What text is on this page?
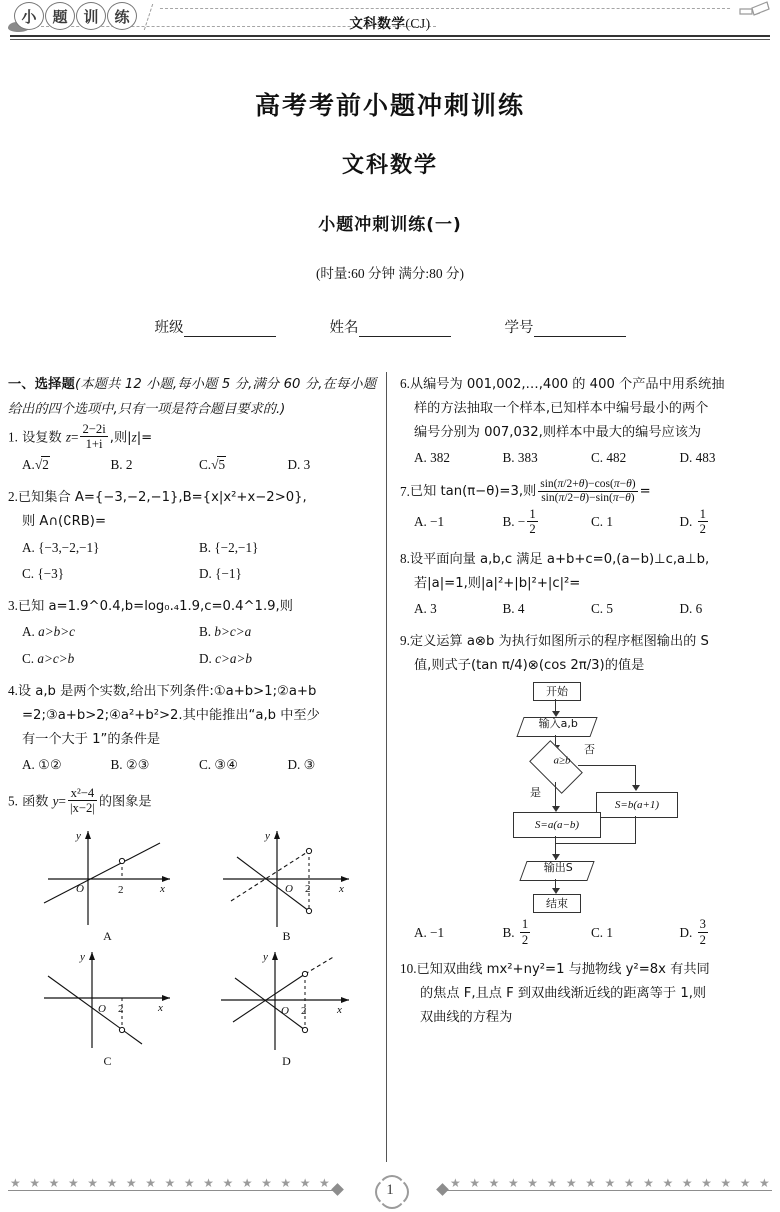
小	题	训	练	文科数学(CJ)
高考考前小题冲刺训练
文科数学
小题冲刺训练(一)
(时量:60 分钟 满分:80 分)
班级	姓名	学号
一、选择题(本题共 12 小题,每小题 5 分,满分 60 分,在每小题给出的四个选项中,只有一项是符合题目要求的.)
1. 设复数 $z= \frac{2-2i}{1+i}$ ,则|z|=
A.√2	B. 2	C.√5	D. 3
2.已知集合 A={−3,−2,−1},B={x|x²+x−2>0},
则 A∩(∁RB)=
A. {−3,−2,−1}	B. {−2,−1}
C. {−3}	D. {−1}
3.已知 a=1.9^0.4,b=log₀.₄1.9,c=0.4^1.9,则
A. a>b>c	B. b>c>a
C. a>c>b	D. c>a>b
4.设 a,b 是两个实数,给出下列条件:①a+b>1;②a+b
=2;③a+b>2;④a²+b²>2.其中能推出“a,b 中至少
有一个大于 1”的条件是
A. ①②	B. ②③	C. ③④	D. ③
5. 函数 $y= \frac{\text{x²−4}}{|x-2|}$ 的图象是
O	2	x
y
A
O 2	x
y
B
O 2	x
y
C
O 2	x
y
D
6.从编号为 001,002,…,400 的 400 个产品中用系统抽
样的方法抽取一个样本,已知样本中编号最小的两个
编号分别为 007,032,则样本中最大的编号应该为
A. 382	B. 383	C. 482	D. 483
7. 已知 tan(π−θ)=3,则 $\frac{\sin(\pi/2+\theta)-\cos(\pi-\theta)}{\sin(\pi/2-\theta)-\sin(\pi-\theta)}$ =
A. −1	B. − $\frac{1}{2}$	C. 1	D. $\frac{1}{2}$
8.设平面向量 a,b,c 满足 a+b+c=0,(a−b)⊥c,a⊥b,
若|a|=1,则|a|²+|b|²+|c|²=
A. 3	B. 4	C. 5	D. 6
9.定义运算 a⊗b 为执行如图所示的程序框图输出的 S
值,则式子(tan π/4)⊗(cos 2π/3)的值是
开始
输入a,b
a≥b
否
是
S=b(a+1)
S=a(a−b)
输出S
结束
A. −1	B. $\frac{1}{2}$	C. 1	D. $\frac{3}{2}$
10.已知双曲线 mx²+ny²=1 与抛物线 y²=8x 有共同
的焦点 F,且点 F 到双曲线渐近线的距离等于 1,则
双曲线的方程为
★ ★ ★ ★ ★ ★ ★ ★ ★ ★ ★ ★ ★ ★ ★ ★ ★	★ ★ ★ ★ ★ ★ ★ ★ ★ ★ ★ ★ ★ ★ ★ ★ ★
1
